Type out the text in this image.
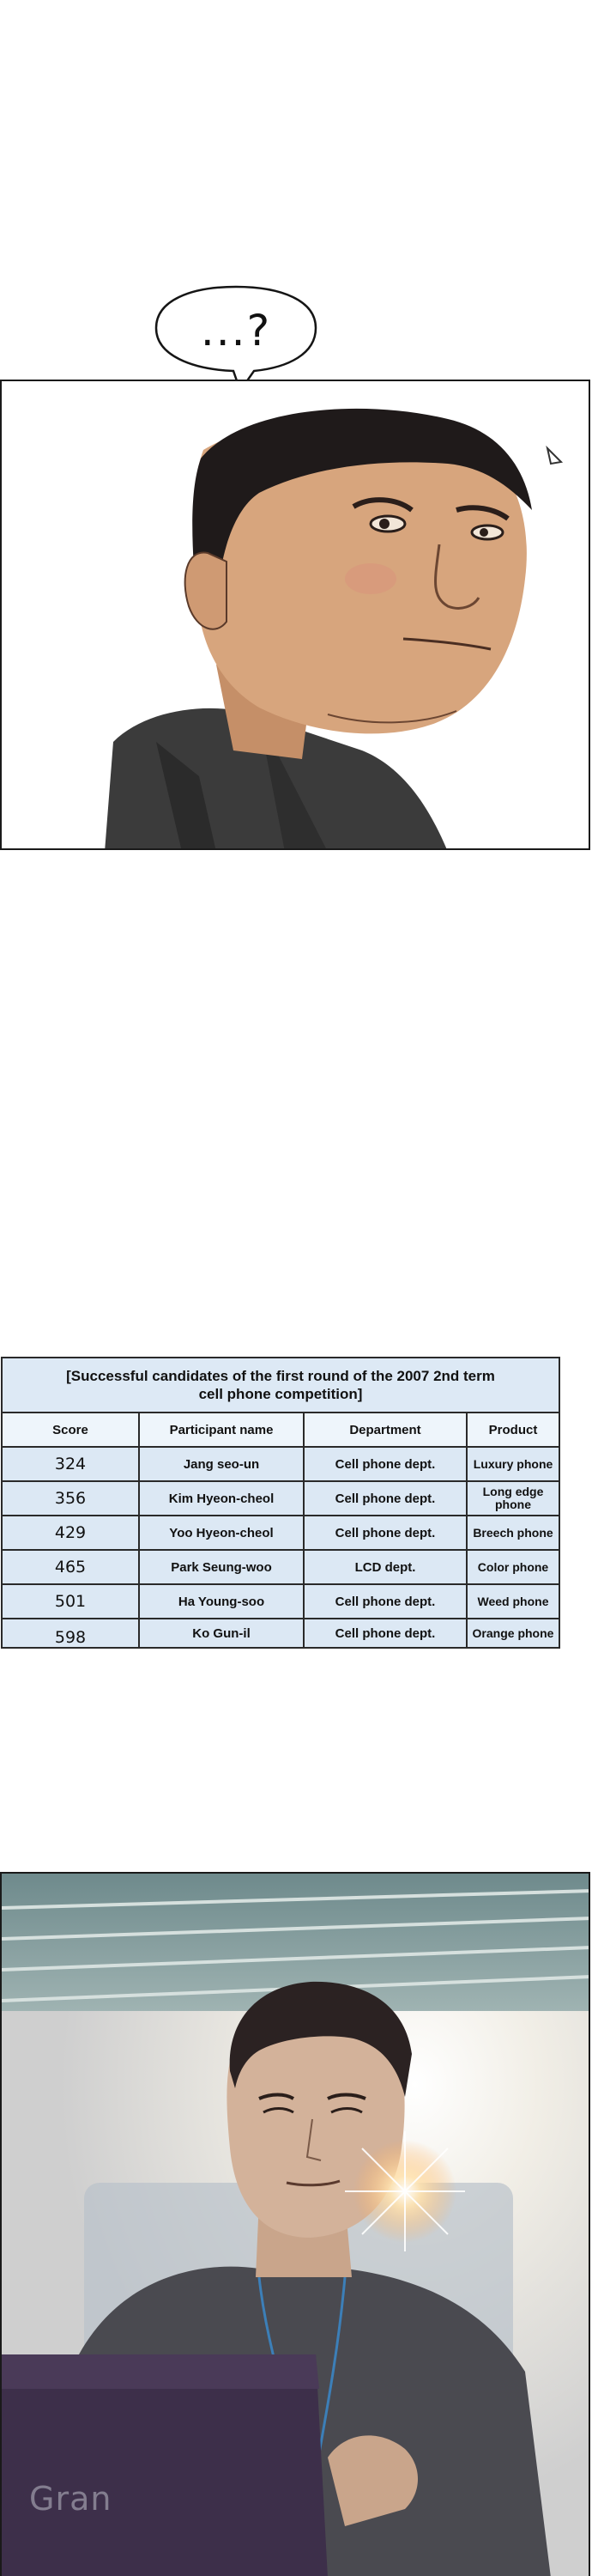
...?
[Successful candidates of the first round of the 2007 2nd term cell phone competition]
Score	Participant name	Department	Product
324	Jang seo-un	Cell phone dept.	Luxury phone
356	Kim Hyeon-cheol	Cell phone dept.	Long edge phone
429	Yoo Hyeon-cheol	Cell phone dept.	Breech phone
465	Park Seung-woo	LCD dept.	Color phone
501	Ha Young-soo	Cell phone dept.	Weed phone
598	Ko Gun-il	Cell phone dept.	Orange phone
Gran
